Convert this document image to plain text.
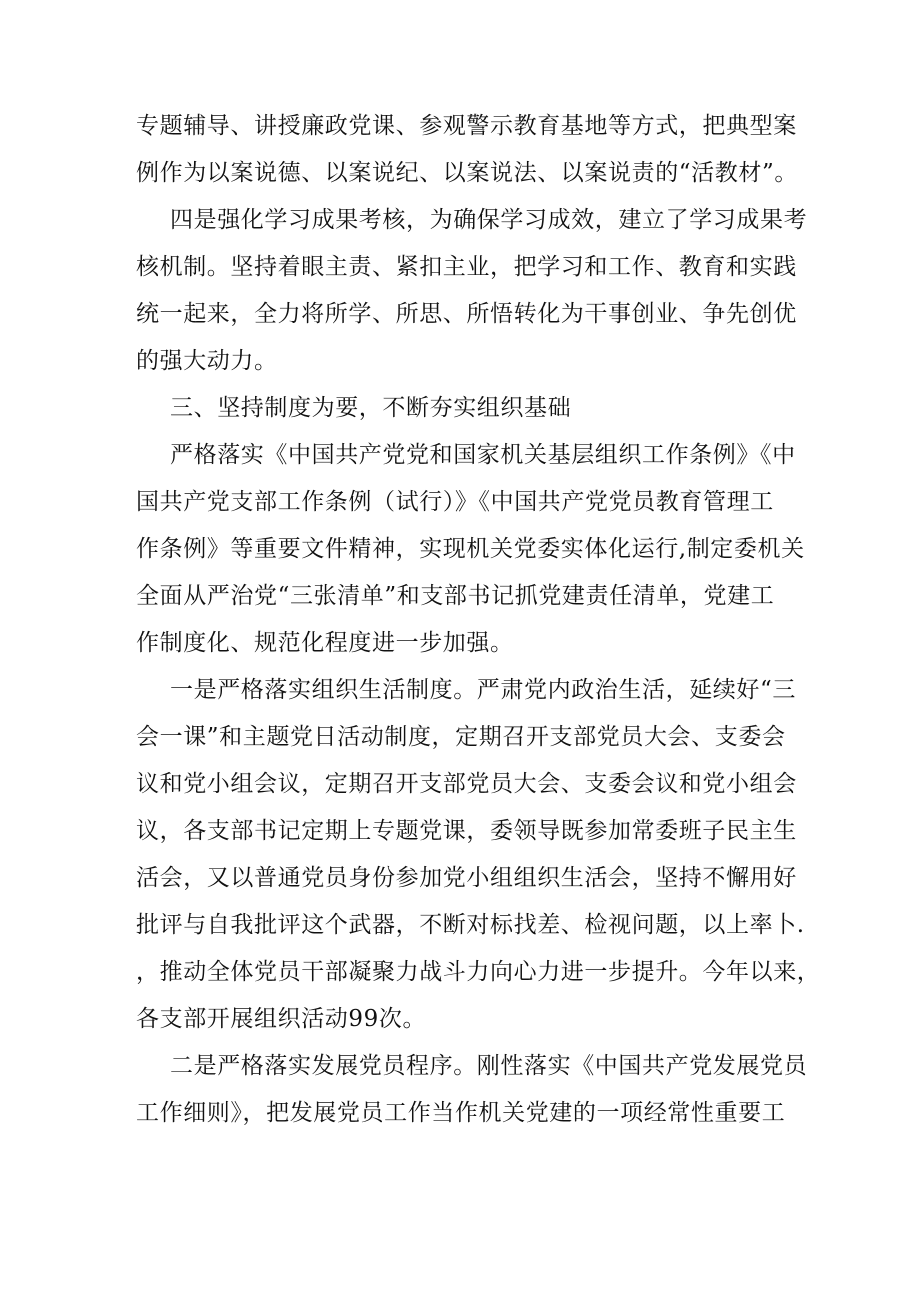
专题辅导、讲授廉政党课、参观警示教育基地等方式，把典型案
例作为以案说德、以案说纪、以案说法、以案说责的“活教材”。
四是强化学习成果考核，为确保学习成效，建立了学习成果考
核机制。坚持着眼主责、紧扣主业，把学习和工作、教育和实践
统一起来，全力将所学、所思、所悟转化为干事创业、争先创优
的强大动力。
三、坚持制度为要，不断夯实组织基础
严格落实《中国共产党党和国家机关基层组织工作条例》《中
国共产党支部工作条例（试行）》《中国共产党党员教育管理工
作条例》等重要文件精神，实现机关党委实体化运行,制定委机关
全面从严治党“三张清单”和支部书记抓党建责任清单，党建工
作制度化、规范化程度进一步加强。
一是严格落实组织生活制度。严肃党内政治生活，延续好“三
会一课”和主题党日活动制度，定期召开支部党员大会、支委会
议和党小组会议，定期召开支部党员大会、支委会议和党小组会
议，各支部书记定期上专题党课，委领导既参加常委班子民主生
活会，又以普通党员身份参加党小组组织生活会，坚持不懈用好
批评与自我批评这个武器，不断对标找差、检视问题，以上率卜.
，推动全体党员干部凝聚力战斗力向心力进一步提升。今年以来，
各支部开展组织活动99次。
二是严格落实发展党员程序。刚性落实《中国共产党发展党员
工作细则》，把发展党员工作当作机关党建的一项经常性重要工
